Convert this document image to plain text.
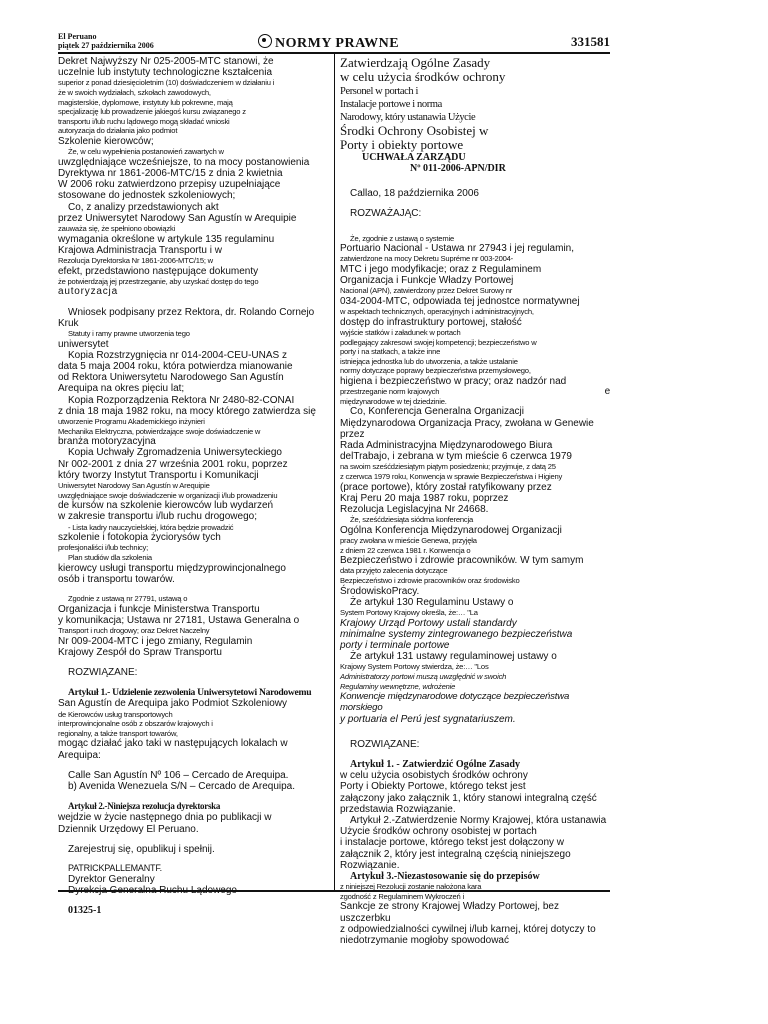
El Peruano
piątek 27 października 2006	NORMY PRAWNE	331581

Dekret Najwyższy Nr 025-2005-MTC stanowi, że

uczelnie lub instytuty technologiczne kształcenia

superior z ponad dziesięcioletnim (10) doświadczeniem w działaniu i

że w swoich wydziałach, szkołach zawodowych,

magisterskie, dyplomowe, instytuty lub pokrewne, mają

specjalizację lub prowadzenie jakiegoś kursu związanego z

transportu i/lub ruchu lądowego mogą składać wnioski

autoryzacja do działania jako podmiot

Szkolenie kierowców;

Że, w celu wypełnienia postanowień zawartych w

uwzględniające wcześniejsze, to na mocy postanowienia

Dyrektywa nr 1861-2006-MTC/15 z dnia 2 kwietnia

W 2006 roku zatwierdzono przepisy uzupełniające

stosowane do jednostek szkoleniowych;

Co, z analizy przedstawionych akt

przez Uniwersytet Narodowy San Agustín w Arequipie

zauważa się, że spełniono obowiązki

wymagania określone w artykule 135 regulaminu

Krajowa Administracja Transportu i w

Rezolucja Dyrektorska Nr 1861-2006-MTC/15; w

efekt, przedstawiono następujące dokumenty

że potwierdzają jej przestrzeganie, aby uzyskać dostęp do tego

autoryzacja

Wniosek podpisany przez Rektora, dr. Rolando Cornejo

Kruk

Statuty i ramy prawne utworzenia tego

uniwersytet

Kopia Rozstrzygnięcia nr 014-2004-CEU-UNAS z

data 5 maja 2004 roku, która potwierdza mianowanie

od Rektora Uniwersytetu Narodowego San Agustín

Arequipa na okres pięciu lat;

Kopia Rozporządzenia Rektora Nr 2480-82-CONAI

z dnia 18 maja 1982 roku, na mocy którego zatwierdza się

utworzenie Programu Akademickiego inżynieri

Mechanika Elektryczna, potwierdzające swoje doświadczenie w

branża motoryzacyjna

Kopia Uchwały Zgromadzenia Uniwersyteckiego

Nr 002-2001 z dnia 27 września 2001 roku, poprzez

który tworzy Instytut Transportu i Komunikacji

Uniwersytet Narodowy San Agustín w Arequipie

uwzględniające swoje doświadczenie w organizacji i/lub prowadzeniu

de kursów na szkolenie kierowców lub wydarzeń

w zakresie transportu i/lub ruchu drogowego;

- Lista kadry nauczycielskiej, która będzie prowadzić

szkolenie i fotokopia życiorysów tych

profesjonaliści i/lub technicy;

Plan studiów dla szkolenia

kierowcy usługi transportu międzyprowincjonalnego

osób i transportu towarów.

Zgodnie z ustawą nr 27791, ustawą o

Organizacja i funkcje Ministerstwa Transportu

y komunikacja; Ustawa nr 27181, Ustawa Generalna o

Transport i ruch drogowy; oraz Dekret Naczelny

Nr 009-2004-MTC i jego zmiany, Regulamin

Krajowy Zespół do Spraw Transportu

ROZWIĄZANE:

Artykuł 1.- Udzielenie zezwolenia Uniwersytetowi Narodowemu

San Agustín de Arequipa jako Podmiot Szkoleniowy

de Kierowców usług transportowych

interprowincjonalne osób z obszarów krajowych i

regionalny, a także transport towarów,

mogąc działać jako taki w następujących lokalach w

Arequipa:

Calle San Agustín Nº 106 – Cercado de Arequipa.

b) Avenida Wenezuela S/N – Cercado de Arequipa.

Artykuł 2.-Niniejsza rezolucja dyrektorska

wejdzie w życie następnego dnia po publikacji w

Dziennik Urzędowy El Peruano.

Zarejestruj się, opublikuj i spełnij.

PATRICKPALLEMANTF.

Dyrektor Generalny

Dyrekcja Generalna Ruchu Lądowego

01325-1

Zatwierdzają Ogólne Zasady

w celu użycia środków ochrony

Personel w portach i

Instalacje portowe i norma

Narodowy, który ustanawia Użycie

Środki Ochrony Osobistej w

Porty i obiekty portowe

UCHWAŁA ZARZĄDU

Nº 011-2006-APN/DIR

Callao, 18 października 2006

ROZWAŻAJĄC:

Że, zgodnie z ustawą o systemie

Portuario Nacional - Ustawa nr 27943 i jej regulamin,

zatwierdzone na mocy Dekretu Supréme nr 003-2004-

MTC i jego modyfikacje; oraz z Regulaminem

Organizacja i Funkcje Władzy Portowej

Nacional (APN), zatwierdzony przez Dekret Surowy nr

034-2004-MTC, odpowiada tej jednostce normatywnej

w aspektach technicznych, operacyjnych i administracyjnych,

dostęp do infrastruktury portowej, stałość

wyjście statków i załadunek w portach

podlegający zakresowi swojej kompetencji; bezpieczeństwo w

porty i na statkach, a także inne

istniejąca jednostka lub do utworzenia, a także ustalanie

normy dotyczące poprawy bezpieczeństwa przemysłowego,

higiena i bezpieczeństwo w pracy; oraz nadzór nad

przestrzeganie norm krajowych	e

międzynarodowe w tej dziedzinie.

Co, Konferencja Generalna Organizacji

Międzynarodowa Organizacja Pracy, zwołana w Genewie przez

Rada Administracyjna Międzynarodowego Biura

delTrabajo, i zebrana w tym mieście 6 czerwca 1979

na swoim sześćdziesiątym piątym posiedzeniu; przyjmuje, z datą 25

z czerwca 1979 roku, Konwencja w sprawie Bezpieczeństwa i Higieny

(prace portowe), który został ratyfikowany przez

Kraj Peru 20 maja 1987 roku, poprzez

Rezolucja Legislacyjna Nr 24668.

Że, sześćdziesiąta siódma konferencja

Ogólna Konferencja Międzynarodowej Organizacji

pracy zwołana w mieście Genewa, przyjęła

z dniem 22 czerwca 1981 r. Konwencja o

Bezpieczeństwo i zdrowie pracowników. W tym samym

data przyjęto zalecenia dotyczące

Bezpieczeństwo i zdrowie pracowników oraz środowisko

ŚrodowiskoPracy.

Że artykuł 130 Regulaminu Ustawy o

System Portowy Krajowy określa, że:… "La

Krajowy Urząd Portowy ustali standardy

minimalne systemy zintegrowanego bezpieczeństwa

porty i terminale portowe

Że artykuł 131 ustawy regulaminowej ustawy o

Krajowy System Portowy stwierdza, że:… "Los

Administratorzy portowi muszą uwzględnić w swoich

Regulaminy wewnętrzne, wdrożenie

Konwencje międzynarodowe dotyczące bezpieczeństwa morskiego

y portuaria el Perú jest sygnatariuszem.

ROZWIĄZANE:

Artykuł 1. - Zatwierdzić Ogólne Zasady

w celu użycia osobistych środków ochrony

Porty i Obiekty Portowe, którego tekst jest

załączony jako załącznik 1, który stanowi integralną część

przedstawia Rozwiązanie.

Artykuł 2.-Zatwierdzenie Normy Krajowej, która ustanawia

Użycie środków ochrony osobistej w portach

i instalacje portowe, którego tekst jest dołączony w

załącznik 2, który jest integralną częścią niniejszego

Rozwiązanie.

Artykuł 3.-Niezastosowanie się do przepisów

z niniejszej Rezolucji zostanie nałożona kara

zgodność z Regulaminem Wykroczeń i

Sankcje ze strony Krajowej Władzy Portowej, bez uszczerbku

z odpowiedzialności cywilnej i/lub karnej, której dotyczy to

niedotrzymanie mogłoby spowodować
